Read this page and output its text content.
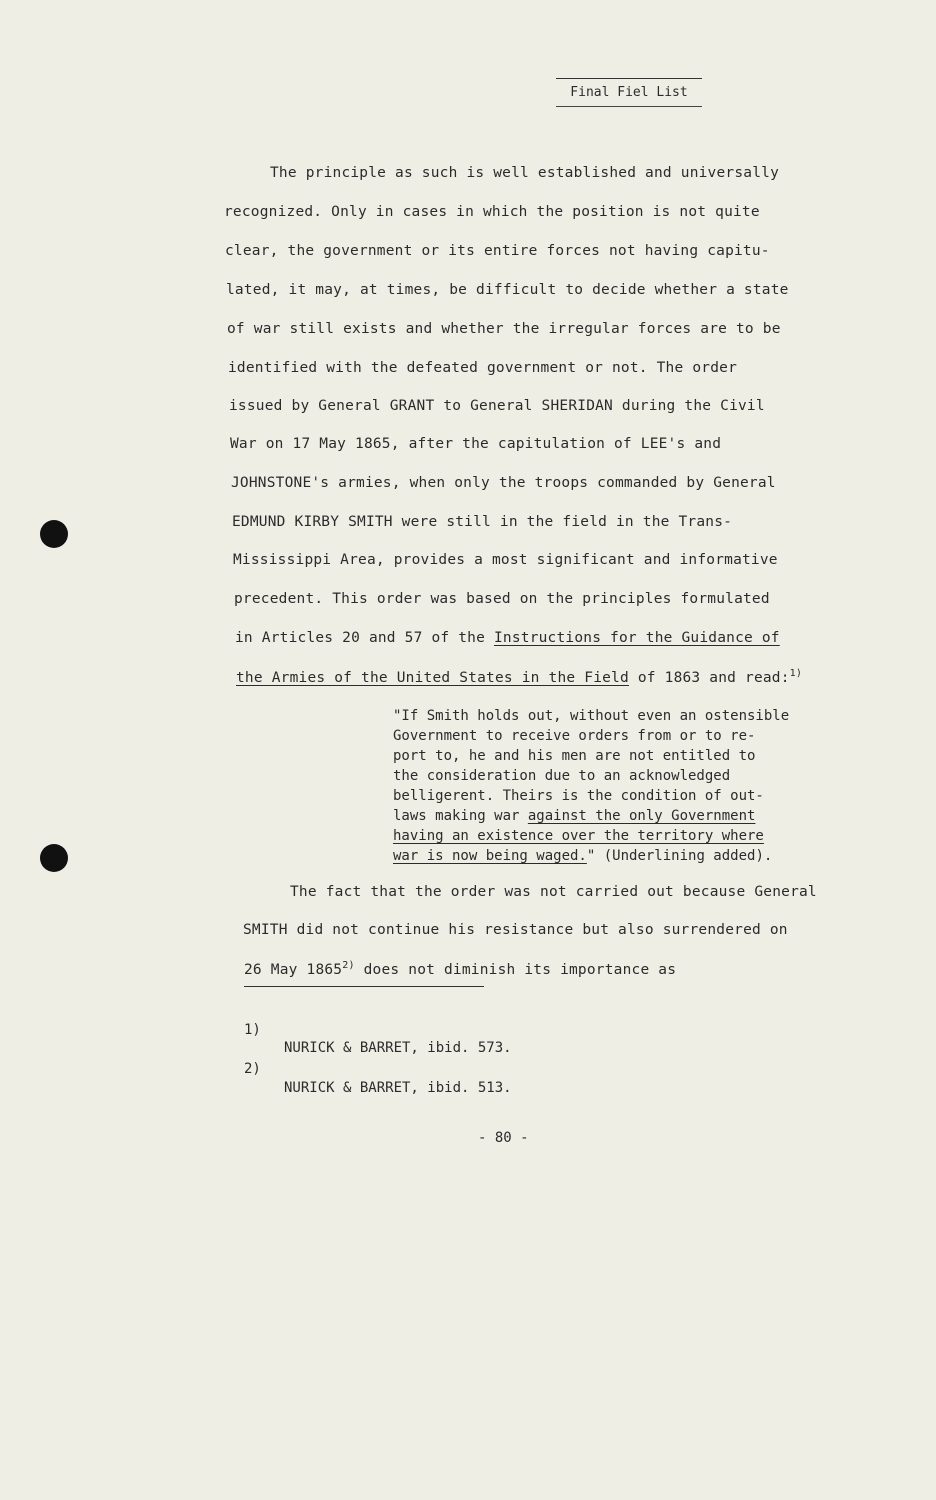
Final Fiel List
The principle as such is well established and universally
recognized. Only in cases in which the position is not quite
clear, the government or its entire forces not having capitu-
lated, it may, at times, be difficult to decide whether a state
of war still exists and whether the irregular forces are to be
identified with the defeated government or not. The order
issued by General GRANT to General SHERIDAN during the Civil
War on 17 May 1865, after the capitulation of LEE's and
JOHNSTONE's armies, when only the troops commanded by General
EDMUND KIRBY SMITH were still in the field in the Trans-
Mississippi Area, provides a most significant and informative
precedent. This order was based on the principles formulated
in Articles 20 and 57 of the Instructions for the Guidance of
the Armies of the United States in the Field of 1863 and read:$^{1)}$
"If Smith holds out, without even an ostensible
Government to receive orders from or to re-
port to, he and his men are not entitled to
the consideration due to an acknowledged
belligerent. Theirs is the condition of out-
laws making war against the only Government
having an existence over the territory where
war is now being waged." (Underlining added).
The fact that the order was not carried out because General
SMITH did not continue his resistance but also surrendered on
26 May 1865$^{2)}$ does not diminish its importance as
1)
NURICK & BARRET, ibid. 573.
2)
NURICK & BARRET, ibid. 513.
- 80 -
